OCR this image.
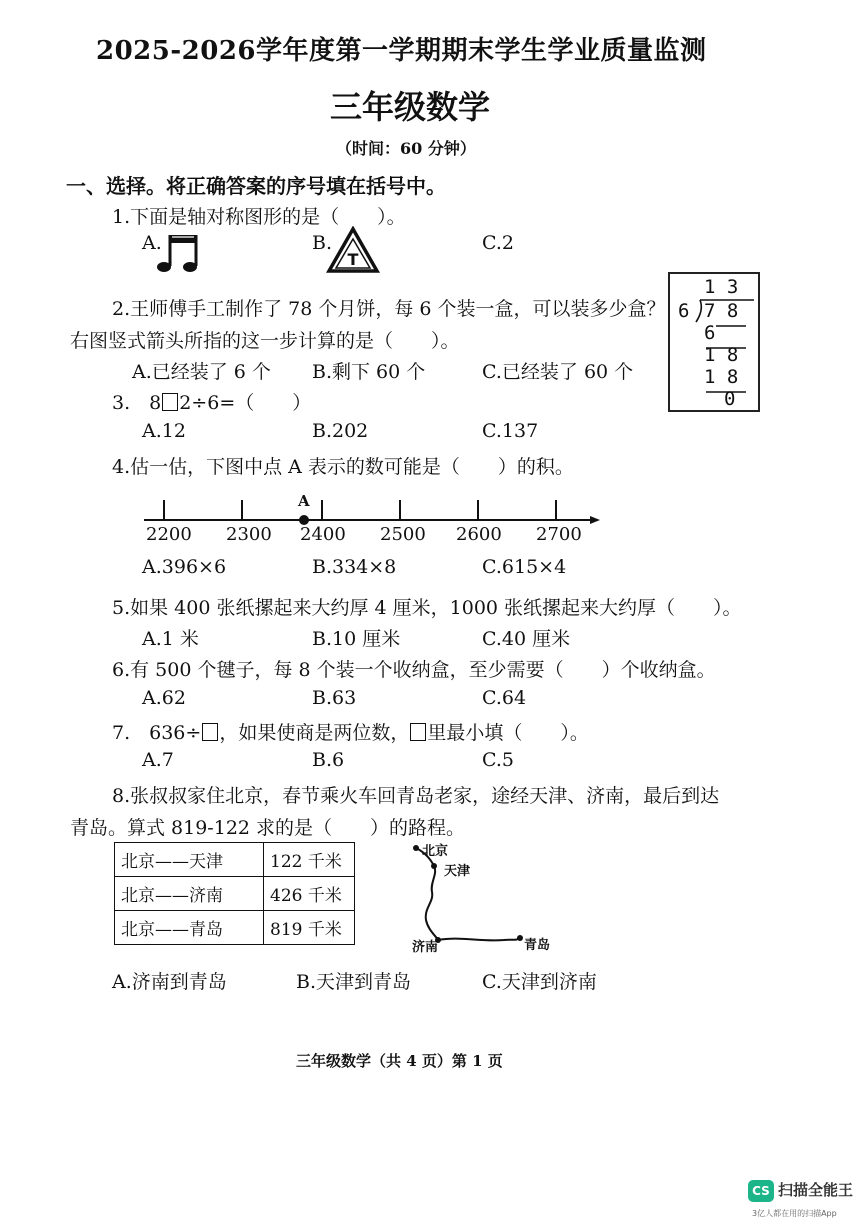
2025-2026学年度第一学期期末学生学业质量监测
三年级数学
（时间：60 分钟）
一、选择。将正确答案的序号填在括号中。
1.下面是轴对称图形的是（　　）。
A.	B.
T
C.2
2.王师傅手工制作了 78 个月饼，每 6 个装一盒，可以装多少盒？
右图竖式箭头所指的这一步计算的是（　　）。
A.已经装了 6 个 B.剩下 60 个	C.已经装了 60 个
1 3
6 7 8
6
1 8
1 8
0
3.　8 2÷6=（　　）
A.12	B.202	C.137
4.估一估，下图中点 A 表示的数可能是（　　）的积。
A
2200 2300 2400 2500 2600 2700
A.396×6	B.334×8	C.615×4
5.如果 400 张纸摞起来大约厚 4 厘米，1000 张纸摞起来大约厚（　　）。
A.1 米	B.10 厘米	C.40 厘米
6.有 500 个毽子，每 8 个装一个收纳盒，至少需要（　　）个收纳盒。
A.62	B.63	C.64
7.　636÷ ，如果使商是两位数， 里最小填（　　）。
A.7	B.6	C.5
8.张叔叔家住北京，春节乘火车回青岛老家，途经天津、济南，最后到达
青岛。算式 819-122 求的是（　　）的路程。
北京——天津	122 千米
北京——济南	426 千米
北京——青岛	819 千米
北京
天津
济南	青岛
A.济南到青岛	B.天津到青岛	C.天津到济南
三年级数学（共 4 页）第 1 页
CS 扫描全能王
3亿人都在用的扫描App
